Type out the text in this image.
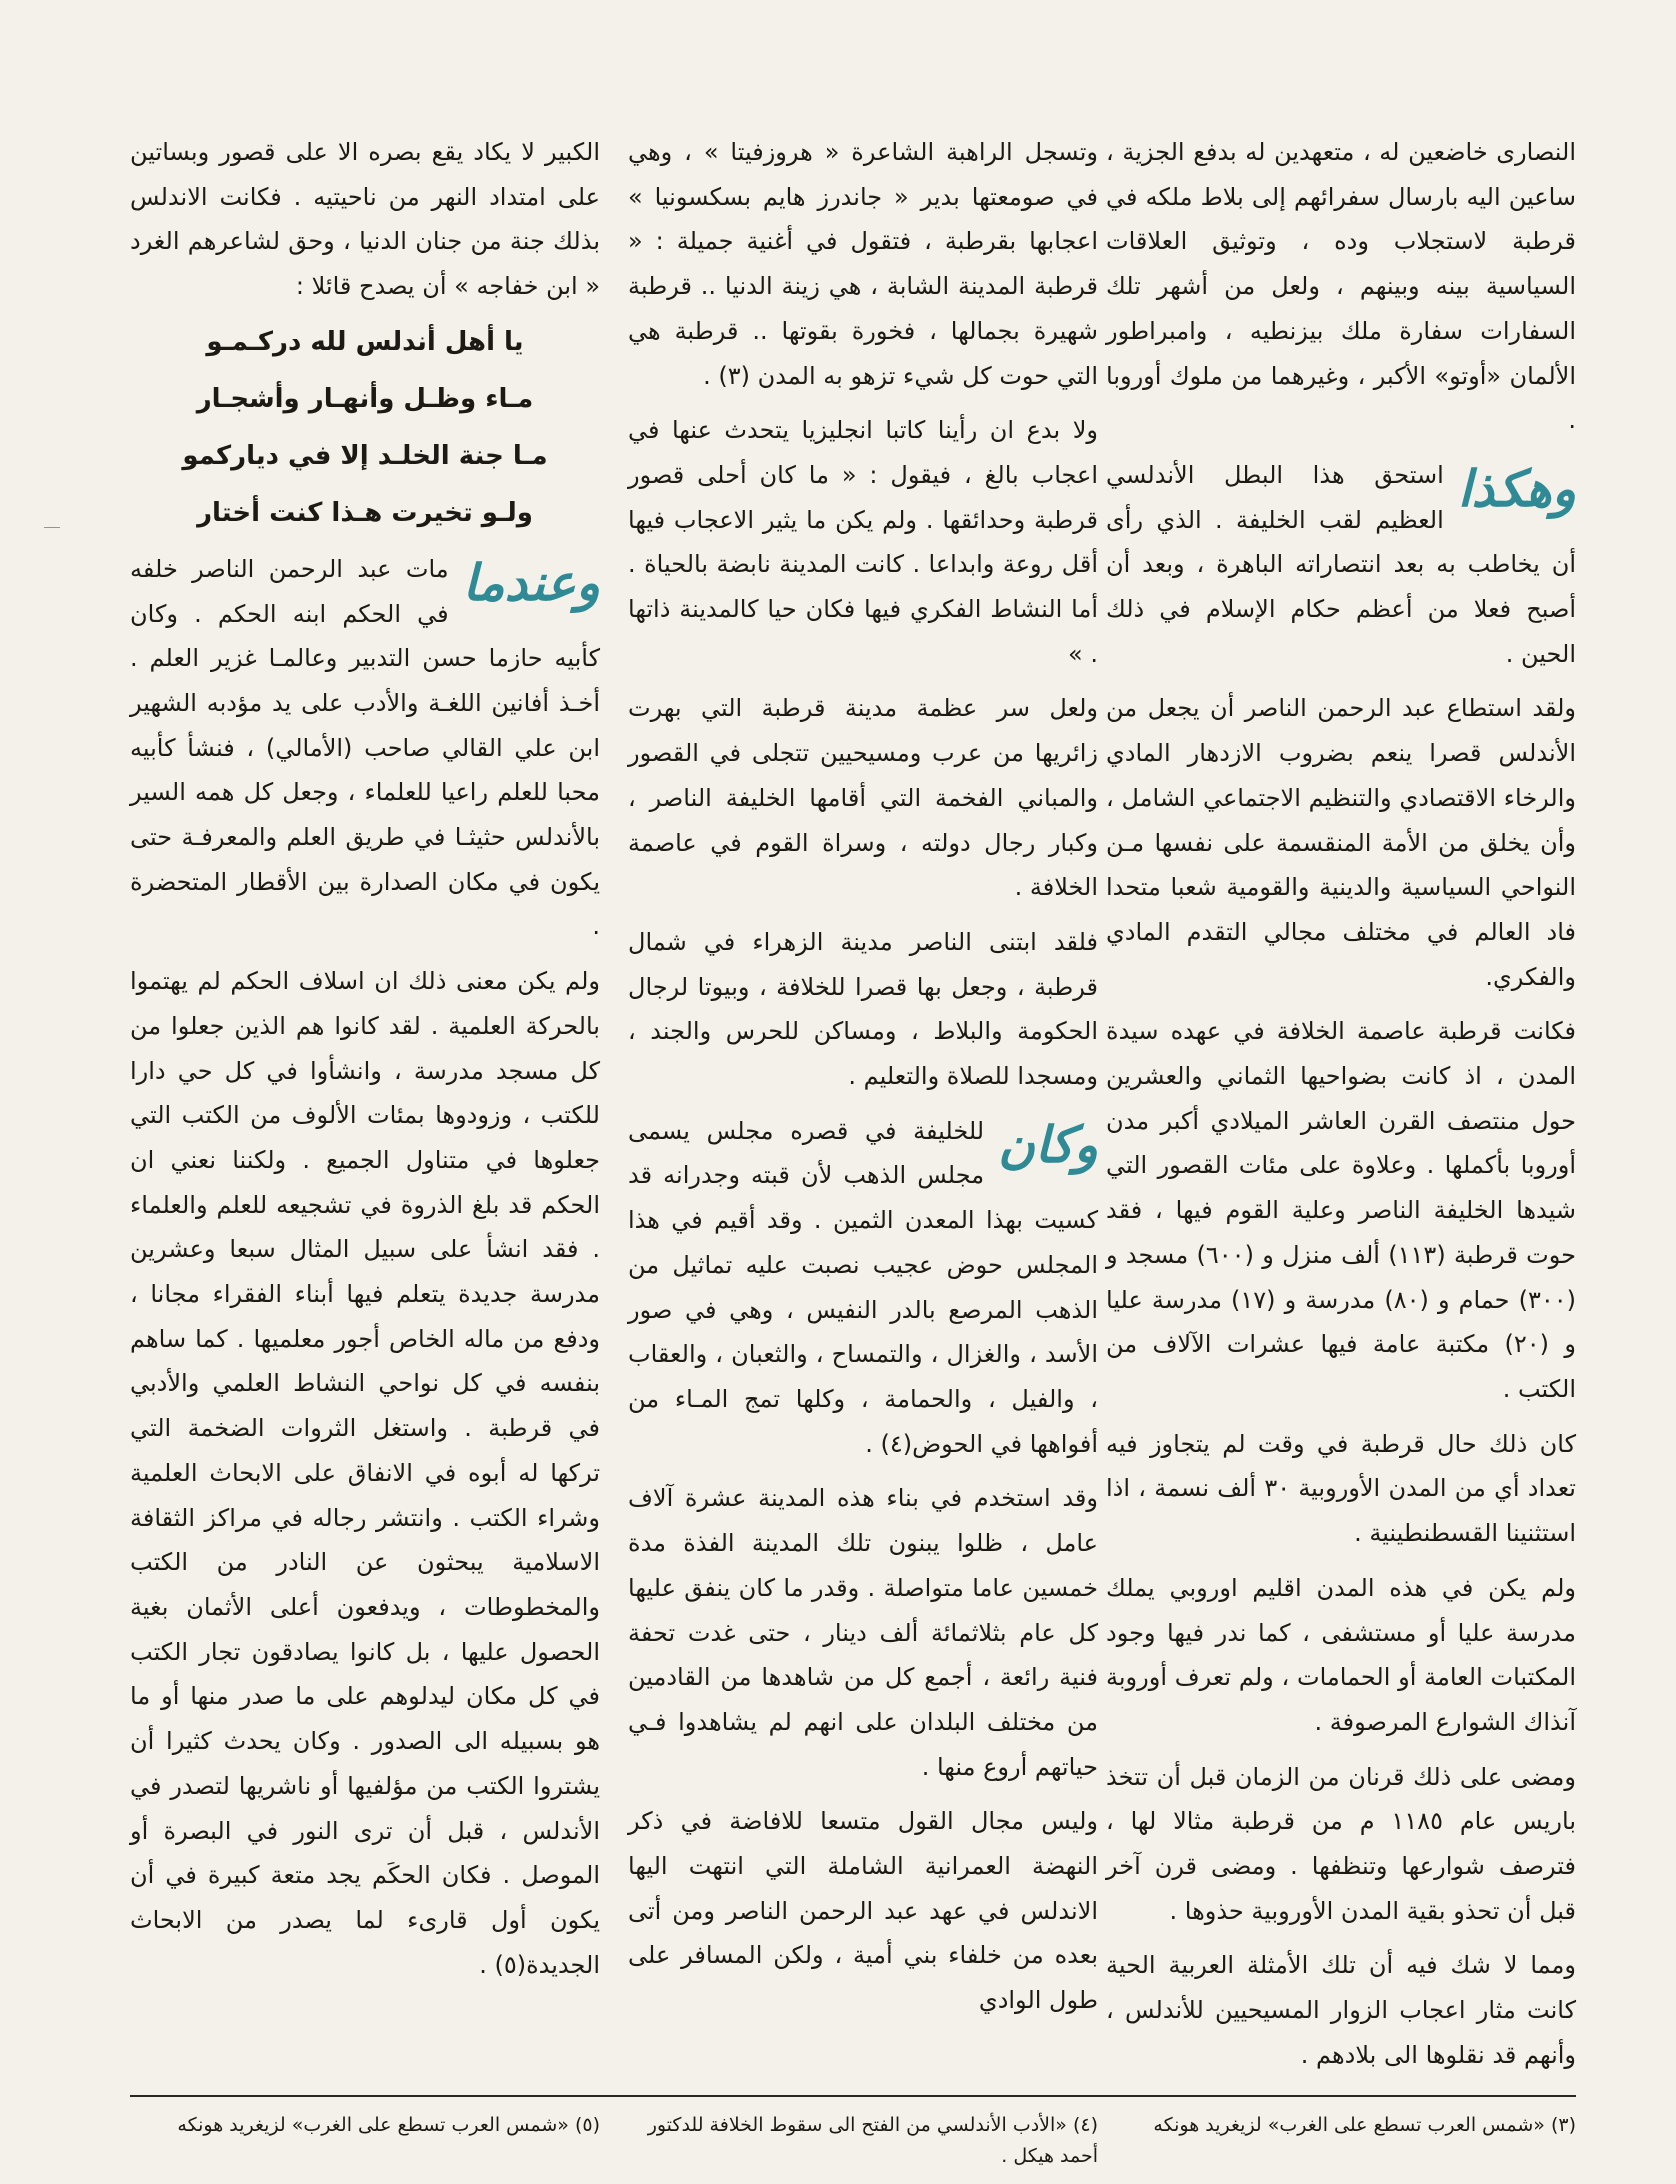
النصارى خاضعين له ، متعهدين له بدفع الجزية ، ساعين اليه بارسال سفرائهم إلى بلاط ملكه في قرطبة لاستجلاب وده ، وتوثيق العلاقات السياسية بينه وبينهم ، ولعل من أشهر تلك السفارات سفارة ملك بيزنطيه ، وامبراطور الألمان «أوتو» الأكبر ، وغيرهما من ملوك أوروبا .

وهكذا
استحق هذا البطل الأندلسي العظيم لقب الخليفة . الذي رأى أن يخاطب به بعد انتصاراته الباهرة ، وبعد أن أصبح فعلا من أعظم حكام الإسلام في ذلك الحين .

ولقد استطاع عبد الرحمن الناصر أن يجعل من الأندلس قصرا ينعم بضروب الازدهار المادي والرخاء الاقتصادي والتنظيم الاجتماعي الشامل ، وأن يخلق من الأمة المنقسمة على نفسها مـن النواحي السياسية والدينية والقومية شعبا متحدا فاد العالم في مختلف مجالي التقدم المادي والفكري.

فكانت قرطبة عاصمة الخلافة في عهده سيدة المدن ، اذ كانت بضواحيها الثماني والعشرين حول منتصف القرن العاشر الميلادي أكبر مدن أوروبا بأكملها . وعلاوة على مئات القصور التي شيدها الخليفة الناصر وعلية القوم فيها ، فقد حوت قرطبة (١١٣) ألف منزل و (٦٠٠) مسجد و (٣٠٠) حمام و (٨٠) مدرسة و (١٧) مدرسة عليا و (٢٠) مكتبة عامة فيها عشرات الآلاف من الكتب .

كان ذلك حال قرطبة في وقت لم يتجاوز فيه تعداد أي من المدن الأوروبية ٣٠ ألف نسمة ، اذا استثنينا القسطنطينية .

ولم يكن في هذه المدن اقليم اوروبي يملك مدرسة عليا أو مستشفى ، كما ندر فيها وجود المكتبات العامة أو الحمامات ، ولم تعرف أوروبة آنذاك الشوارع المرصوفة .

ومضى على ذلك قرنان من الزمان قبل أن تتخذ باريس عام ١١٨٥ م من قرطبة مثالا لها ، فترصف شوارعها وتنظفها . ومضى قرن آخر قبل أن تحذو بقية المدن الأوروبية حذوها .

ومما لا شك فيه أن تلك الأمثلة العربية الحية كانت مثار اعجاب الزوار المسيحيين للأندلس ، وأنهم قد نقلوها الى بلادهم .

وتسجل الراهبة الشاعرة « هروزفيتا » ، وهي في صومعتها بدير « جاندرز هايم بسكسونيا » اعجابها بقرطبة ، فتقول في أغنية جميلة : « قرطبة المدينة الشابة ، هي زينة الدنيا .. قرطبة شهيرة بجمالها ، فخورة بقوتها .. قرطبة هي التي حوت كل شيء تزهو به المدن (٣) .

ولا بدع ان رأينا كاتبا انجليزيا يتحدث عنها في اعجاب بالغ ، فيقول : « ما كان أحلى قصور قرطبة وحدائقها . ولم يكن ما يثير الاعجاب فيها أقل روعة وابداعا . كانت المدينة نابضة بالحياة . أما النشاط الفكري فيها فكان حيا كالمدينة ذاتها . »

ولعل سر عظمة مدينة قرطبة التي بهرت زائريها من عرب ومسيحيين تتجلى في القصور والمباني الفخمة التي أقامها الخليفة الناصر ، وكبار رجال دولته ، وسراة القوم في عاصمة الخلافة .

فلقد ابتنى الناصر مدينة الزهراء في شمال قرطبة ، وجعل بها قصرا للخلافة ، وبيوتا لرجال الحكومة والبلاط ، ومساكن للحرس والجند ، ومسجدا للصلاة والتعليم .

وكان
للخليفة في قصره مجلس يسمى مجلس الذهب لأن قبته وجدرانه قد كسيت بهذا المعدن الثمين . وقد أقيم في هذا المجلس حوض عجيب نصبت عليه تماثيل من الذهب المرصع بالدر النفيس ، وهي في صور الأسد ، والغزال ، والتمساح ، والثعبان ، والعقاب ، والفيل ، والحمامة ، وكلها تمج المـاء من أفواهها في الحوض(٤) .

وقد استخدم في بناء هذه المدينة عشرة آلاف عامل ، ظلوا يبنون تلك المدينة الفذة مدة خمسين عاما متواصلة . وقدر ما كان ينفق عليها كل عام بثلاثمائة ألف دينار ، حتى غدت تحفة فنية رائعة ، أجمع كل من شاهدها من القادمين من مختلف البلدان على انهم لم يشاهدوا فـي حياتهم أروع منها .

وليس مجال القول متسعا للافاضة في ذكر النهضة العمرانية الشاملة التي انتهت اليها الاندلس في عهد عبد الرحمن الناصر ومن أتى بعده من خلفاء بني أمية ، ولكن المسافر على طول الوادي

الكبير لا يكاد يقع بصره الا على قصور وبساتين على امتداد النهر من ناحيتيه . فكانت الاندلس بذلك جنة من جنان الدنيا ، وحق لشاعرهم الغرد « ابن خفاجه » أن يصدح قائلا :

يا أهل أندلس لله دركـمـو

مـاء وظـل وأنهـار وأشجـار

مـا جنة الخلـد إلا في دياركمو

ولـو تخيرت هـذا كنت أختار

وعندما
مات عبد الرحمن الناصر خلفه في الحكم ابنه الحكم . وكان كأبيه حازما حسن التدبير وعالمـا غزير العلم . أخـذ أفانين اللغـة والأدب على يد مؤدبه الشهير ابن علي القالي صاحب (الأمالي) ، فنشأ كأبيه محبا للعلم راعيا للعلماء ، وجعل كل همه السير بالأندلس حثيثـا في طريق العلم والمعرفـة حتى يكون في مكان الصدارة بين الأقطار المتحضرة .

ولم يكن معنى ذلك ان اسلاف الحكم لم يهتموا بالحركة العلمية . لقد كانوا هم الذين جعلوا من كل مسجد مدرسة ، وانشأوا في كل حي دارا للكتب ، وزودوها بمئات الألوف من الكتب التي جعلوها في متناول الجميع . ولكننا نعني ان الحكم قد بلغ الذروة في تشجيعه للعلم والعلماء . فقد انشأ على سبيل المثال سبعا وعشرين مدرسة جديدة يتعلم فيها أبناء الفقراء مجانا ، ودفع من ماله الخاص أجور معلميها . كما ساهم بنفسه في كل نواحي النشاط العلمي والأدبي في قرطبة . واستغل الثروات الضخمة التي تركها له أبوه في الانفاق على الابحاث العلمية وشراء الكتب . وانتشر رجاله في مراكز الثقافة الاسلامية يبحثون عن النادر من الكتب والمخطوطات ، ويدفعون أعلى الأثمان بغية الحصول عليها ، بل كانوا يصادقون تجار الكتب في كل مكان ليدلوهم على ما صدر منها أو ما هو بسبيله الى الصدور . وكان يحدث كثيرا أن يشتروا الكتب من مؤلفيها أو ناشريها لتصدر في الأندلس ، قبل أن ترى النور في البصرة أو الموصل . فكان الحكَم يجد متعة كبيرة في أن يكون أول قارىء لما يصدر من الابحاث الجديدة(٥) .

(٣) «شمس العرب تسطع على الغرب» لزيغريد هونكه
(٤) «الأدب الأندلسي من الفتح الى سقوط الخلافة للدكتور أحمد هيكل .
(٥) «شمس العرب تسطع على الغرب» لزيغريد هونكه
